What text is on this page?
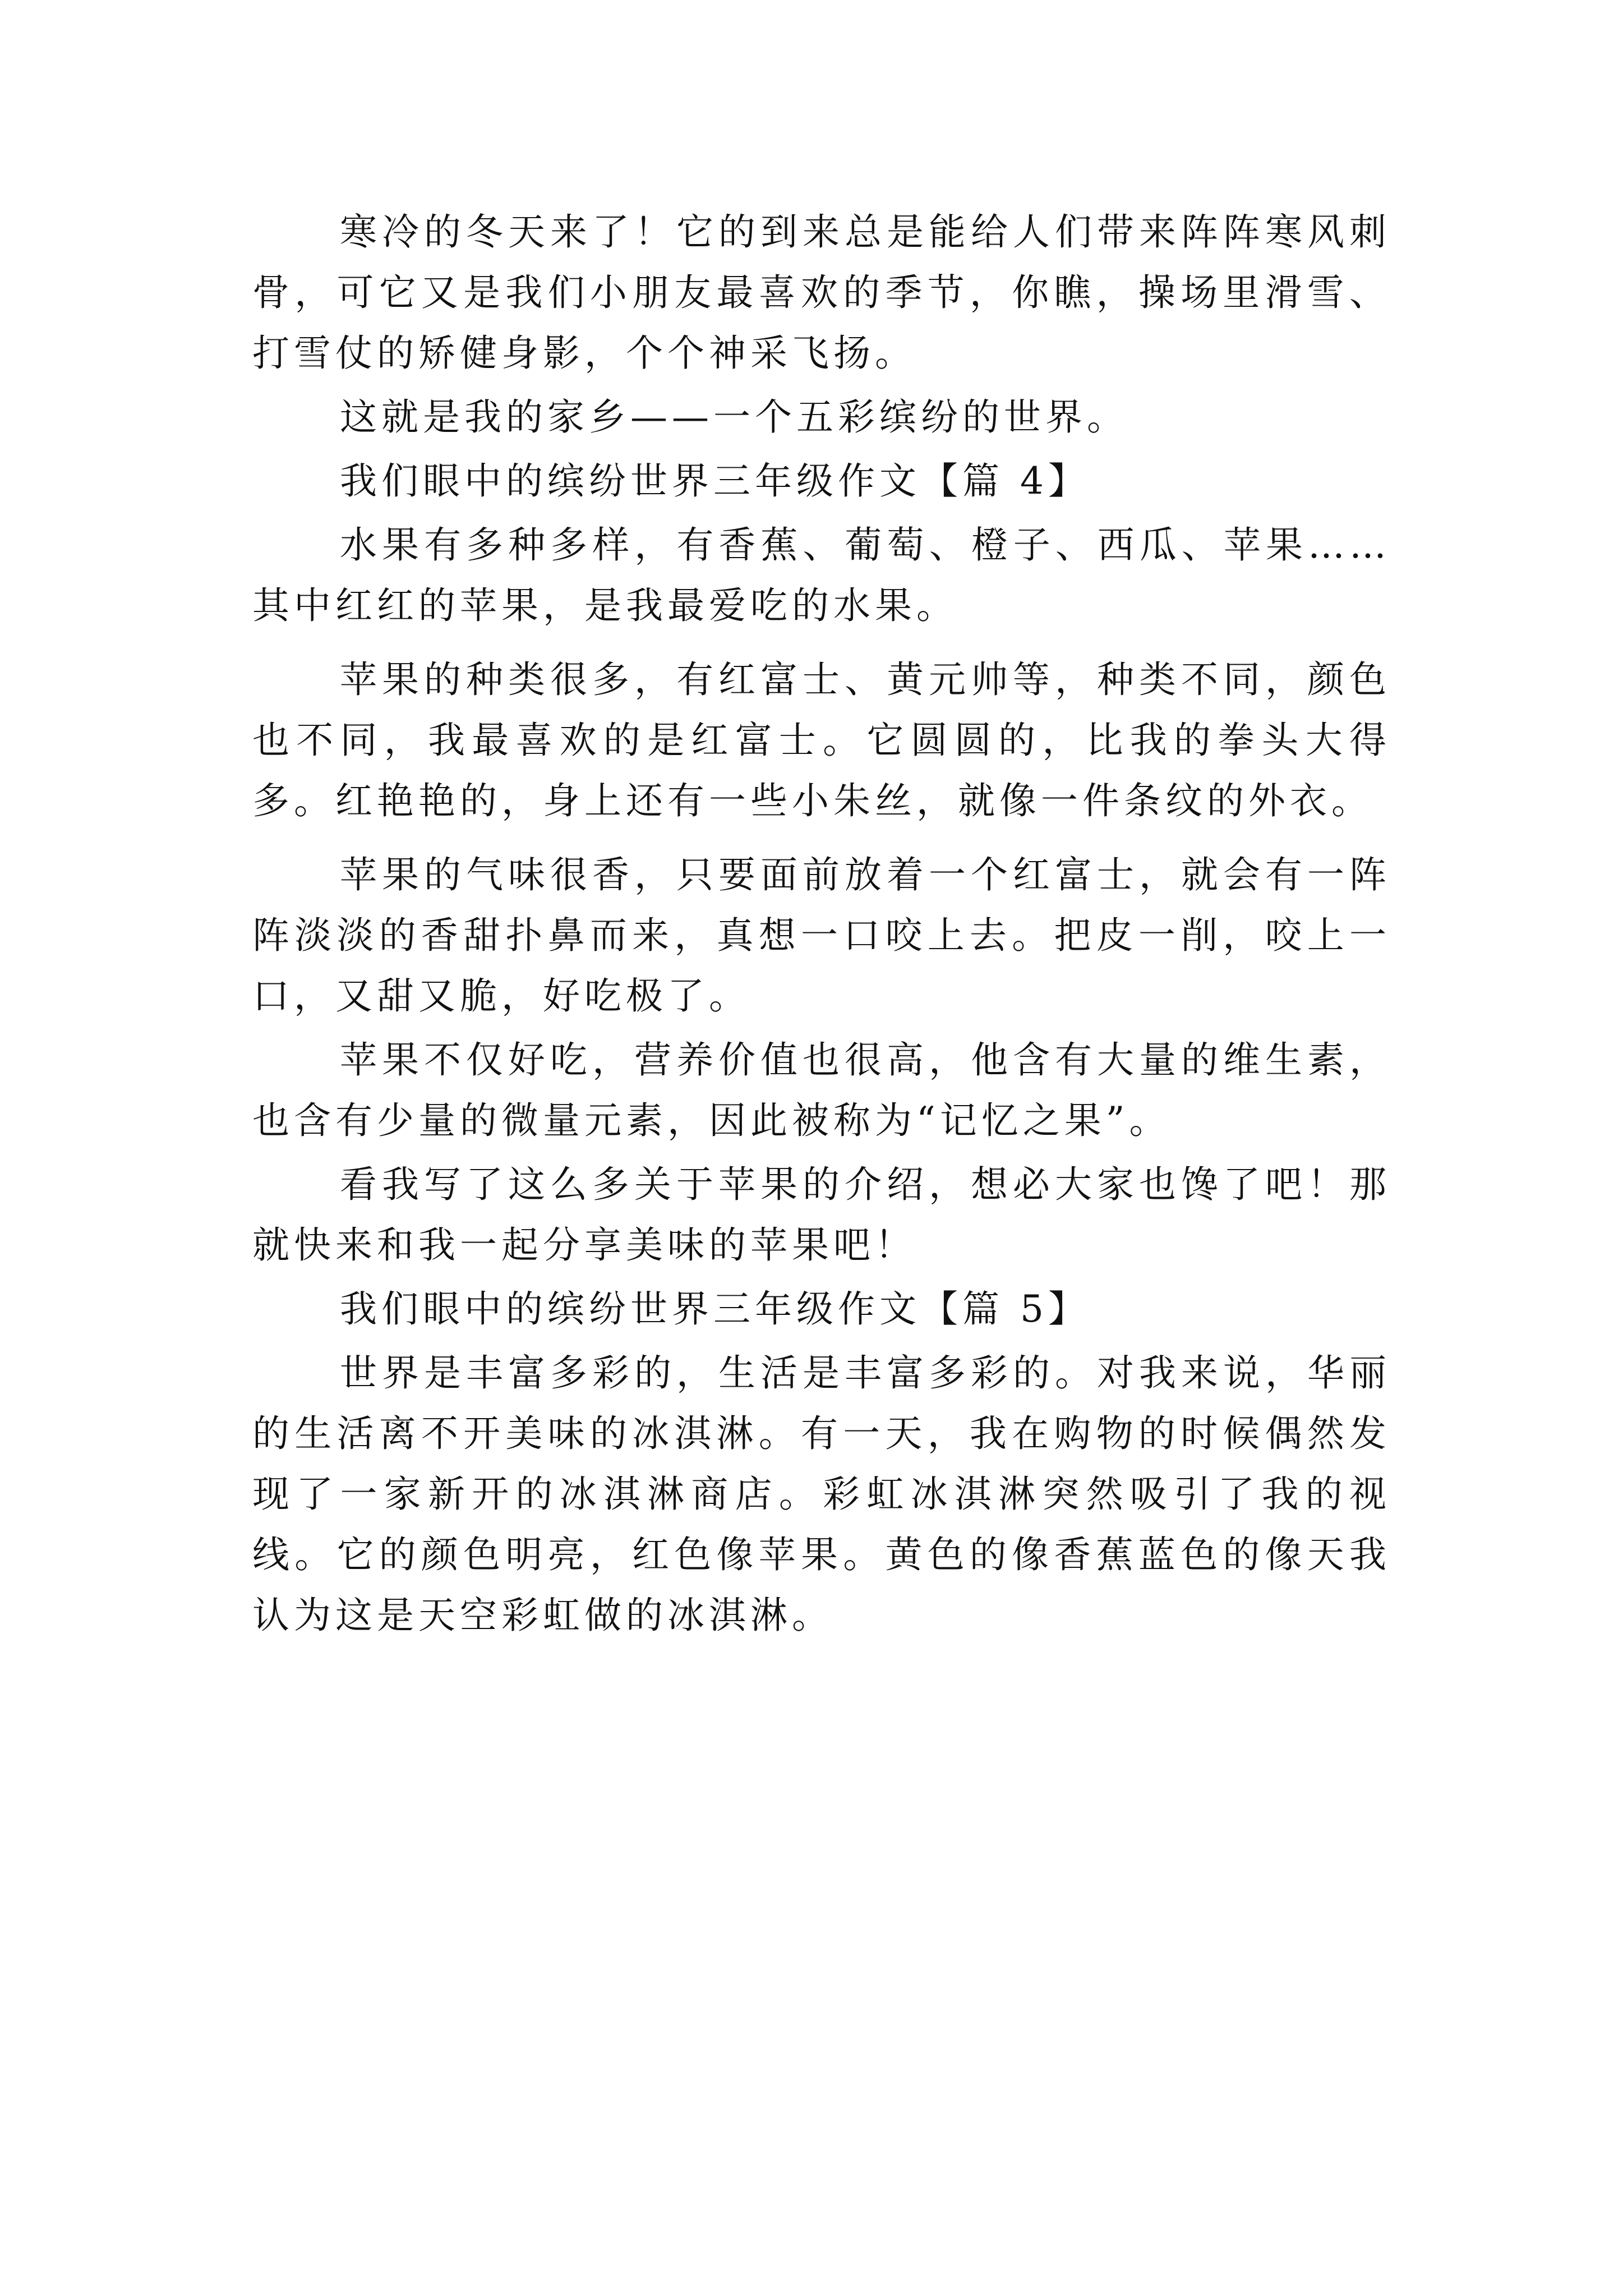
寒冷的冬天来了！它的到来总是能给人们带来阵阵寒风刺骨，可它又是我们小朋友最喜欢的季节，你瞧，操场里滑雪、打雪仗的矫健身影，个个神采飞扬。

这就是我的家乡——一个五彩缤纷的世界。

我们眼中的缤纷世界三年级作文【篇 4】

水果有多种多样，有香蕉、葡萄、橙子、西瓜、苹果……其中红红的苹果，是我最爱吃的水果。

苹果的种类很多，有红富士、黄元帅等，种类不同，颜色也不同，我最喜欢的是红富士。它圆圆的，比我的拳头大得多。红艳艳的，身上还有一些小朱丝，就像一件条纹的外衣。

苹果的气味很香，只要面前放着一个红富士，就会有一阵阵淡淡的香甜扑鼻而来，真想一口咬上去。把皮一削，咬上一口，又甜又脆，好吃极了。

苹果不仅好吃，营养价值也很高，他含有大量的维生素，也含有少量的微量元素，因此被称为“记忆之果”。

看我写了这么多关于苹果的介绍，想必大家也馋了吧！那就快来和我一起分享美味的苹果吧！

我们眼中的缤纷世界三年级作文【篇 5】

世界是丰富多彩的，生活是丰富多彩的。对我来说，华丽的生活离不开美味的冰淇淋。有一天，我在购物的时候偶然发现了一家新开的冰淇淋商店。彩虹冰淇淋突然吸引了我的视线。它的颜色明亮，红色像苹果。黄色的像香蕉蓝色的像天我认为这是天空彩虹做的冰淇淋。
